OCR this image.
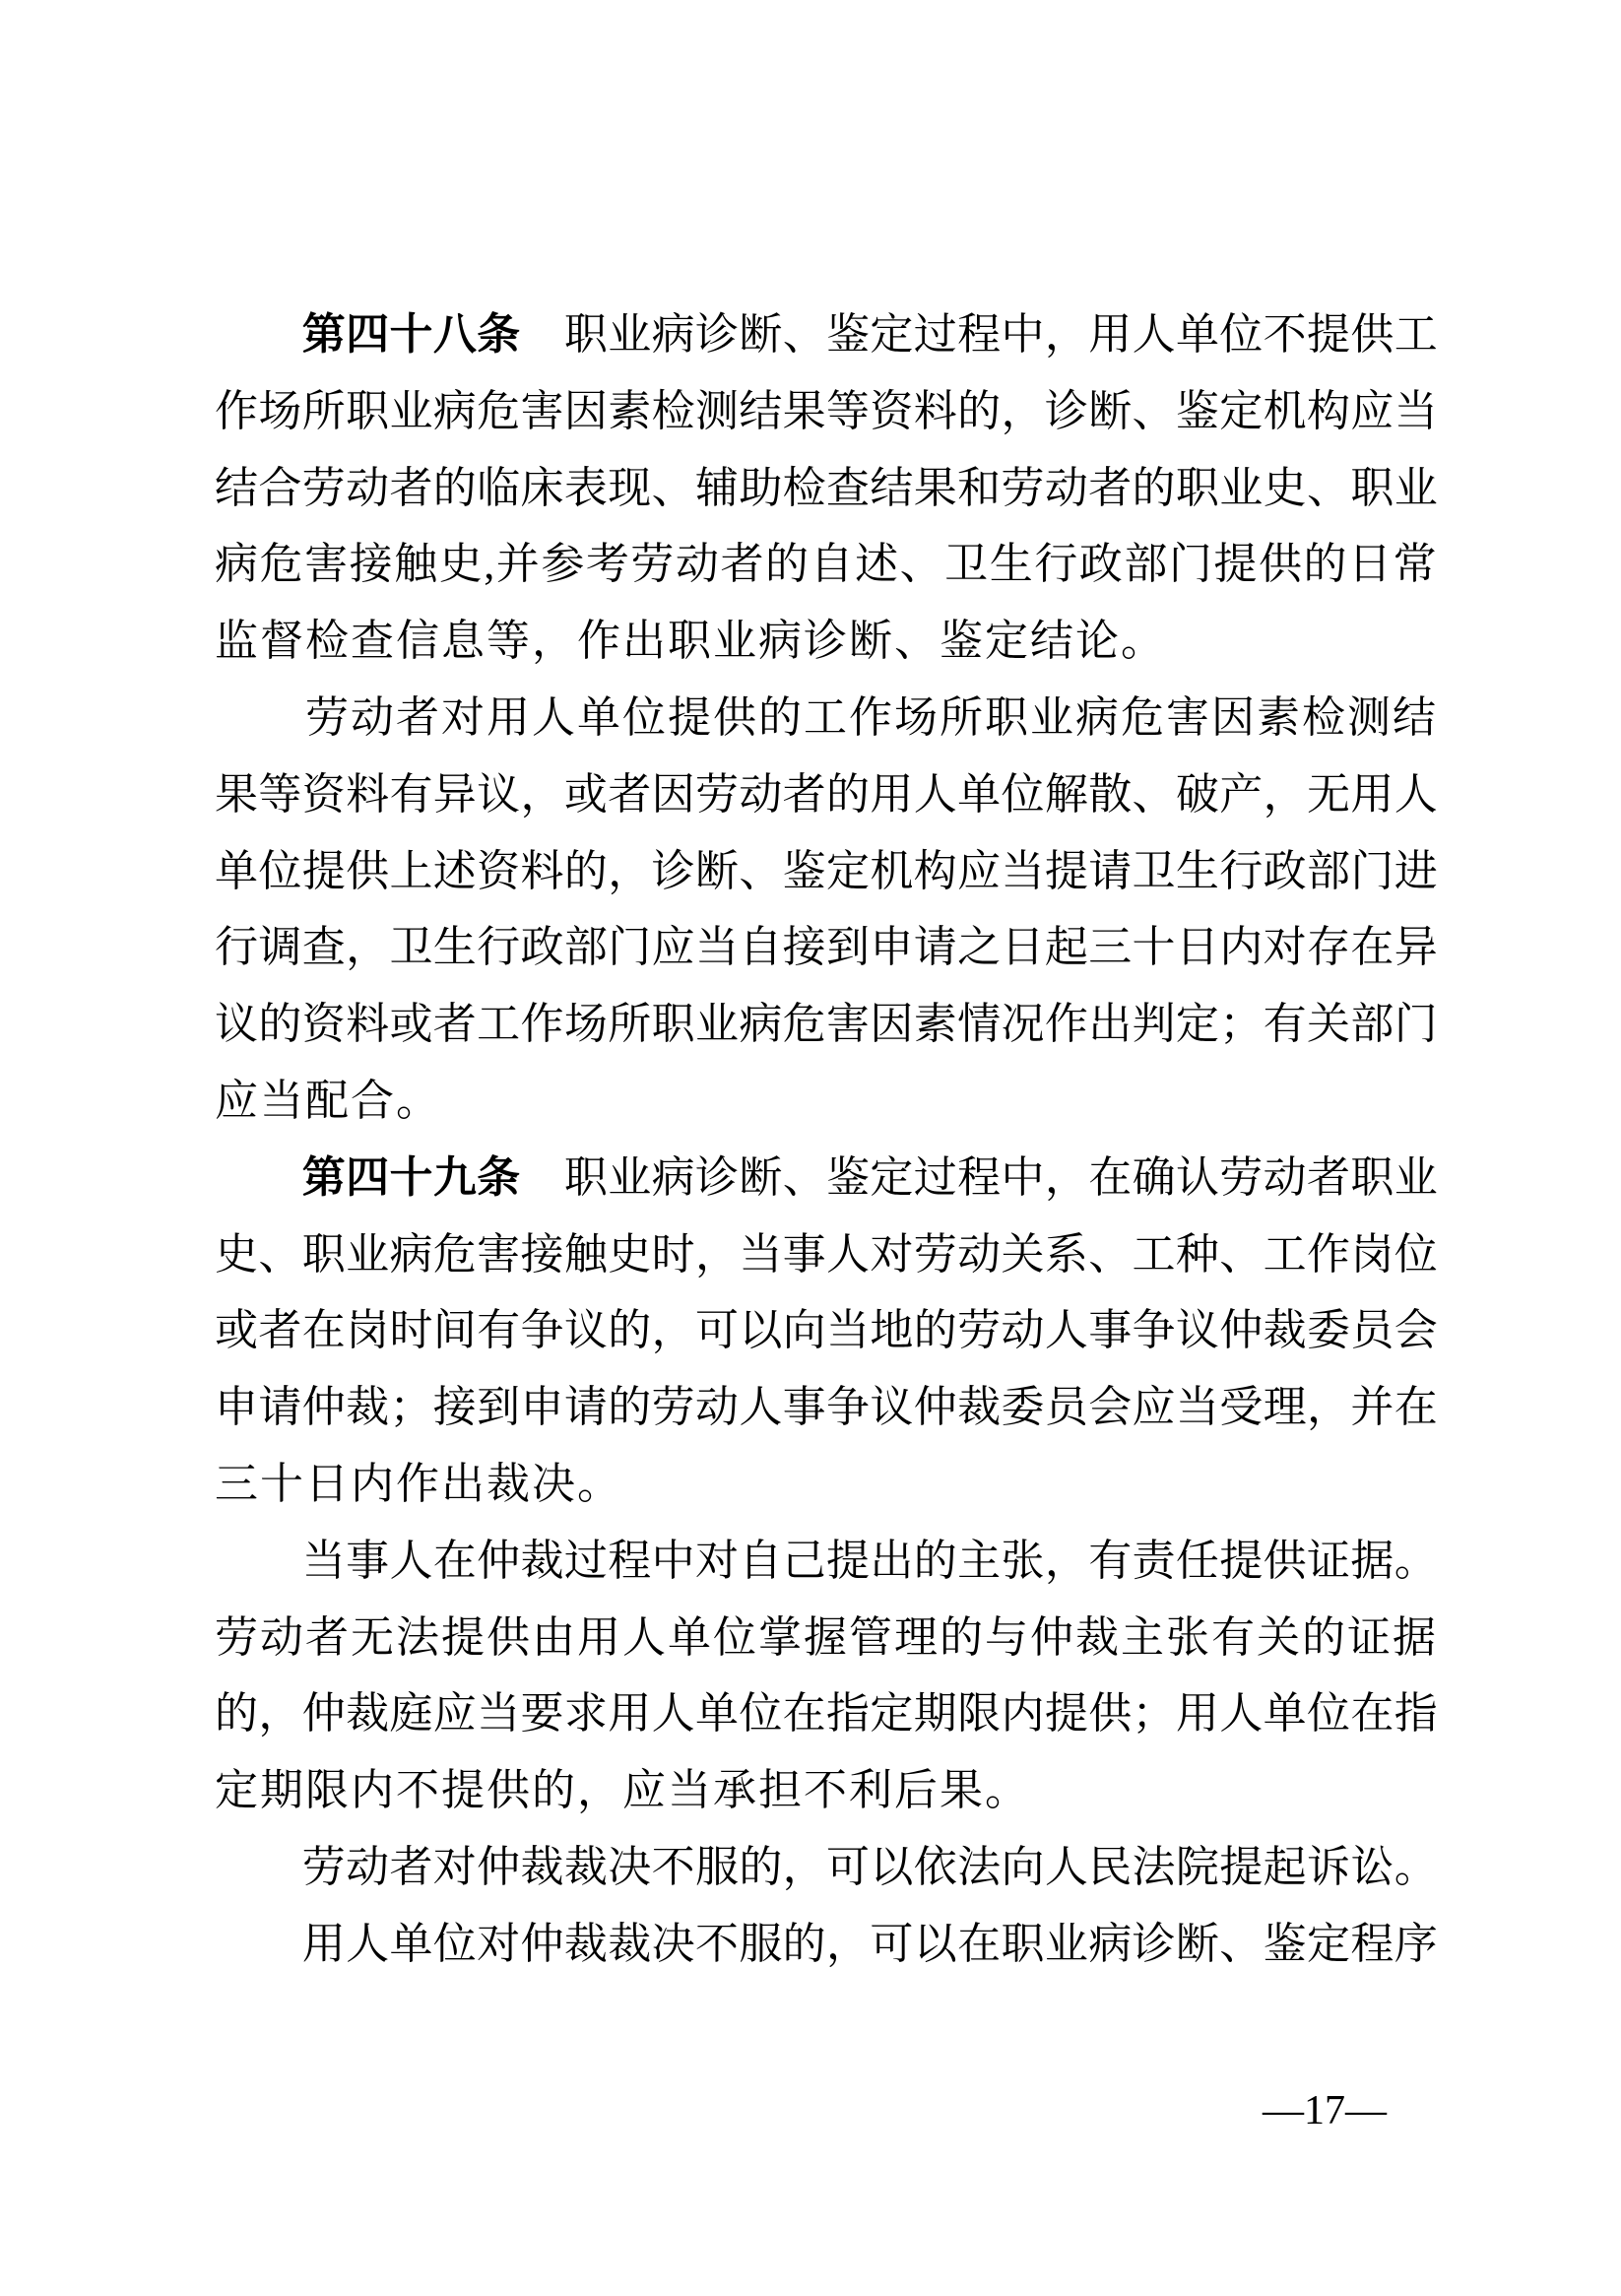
　　第四十八条　职业病诊断、鉴定过程中，用人单位不提供工
作场所职业病危害因素检测结果等资料的，诊断、鉴定机构应当
结合劳动者的临床表现、辅助检查结果和劳动者的职业史、职业
病危害接触史,并参考劳动者的自述、卫生行政部门提供的日常
监督检查信息等，作出职业病诊断、鉴定结论。
　　劳动者对用人单位提供的工作场所职业病危害因素检测结
果等资料有异议，或者因劳动者的用人单位解散、破产，无用人
单位提供上述资料的，诊断、鉴定机构应当提请卫生行政部门进
行调查，卫生行政部门应当自接到申请之日起三十日内对存在异
议的资料或者工作场所职业病危害因素情况作出判定；有关部门
应当配合。
　　第四十九条　职业病诊断、鉴定过程中，在确认劳动者职业
史、职业病危害接触史时，当事人对劳动关系、工种、工作岗位
或者在岗时间有争议的，可以向当地的劳动人事争议仲裁委员会
申请仲裁；接到申请的劳动人事争议仲裁委员会应当受理，并在
三十日内作出裁决。
　　当事人在仲裁过程中对自己提出的主张，有责任提供证据。
劳动者无法提供由用人单位掌握管理的与仲裁主张有关的证据
的，仲裁庭应当要求用人单位在指定期限内提供；用人单位在指
定期限内不提供的，应当承担不利后果。
　　劳动者对仲裁裁决不服的，可以依法向人民法院提起诉讼。
　　用人单位对仲裁裁决不服的，可以在职业病诊断、鉴定程序
—17—
